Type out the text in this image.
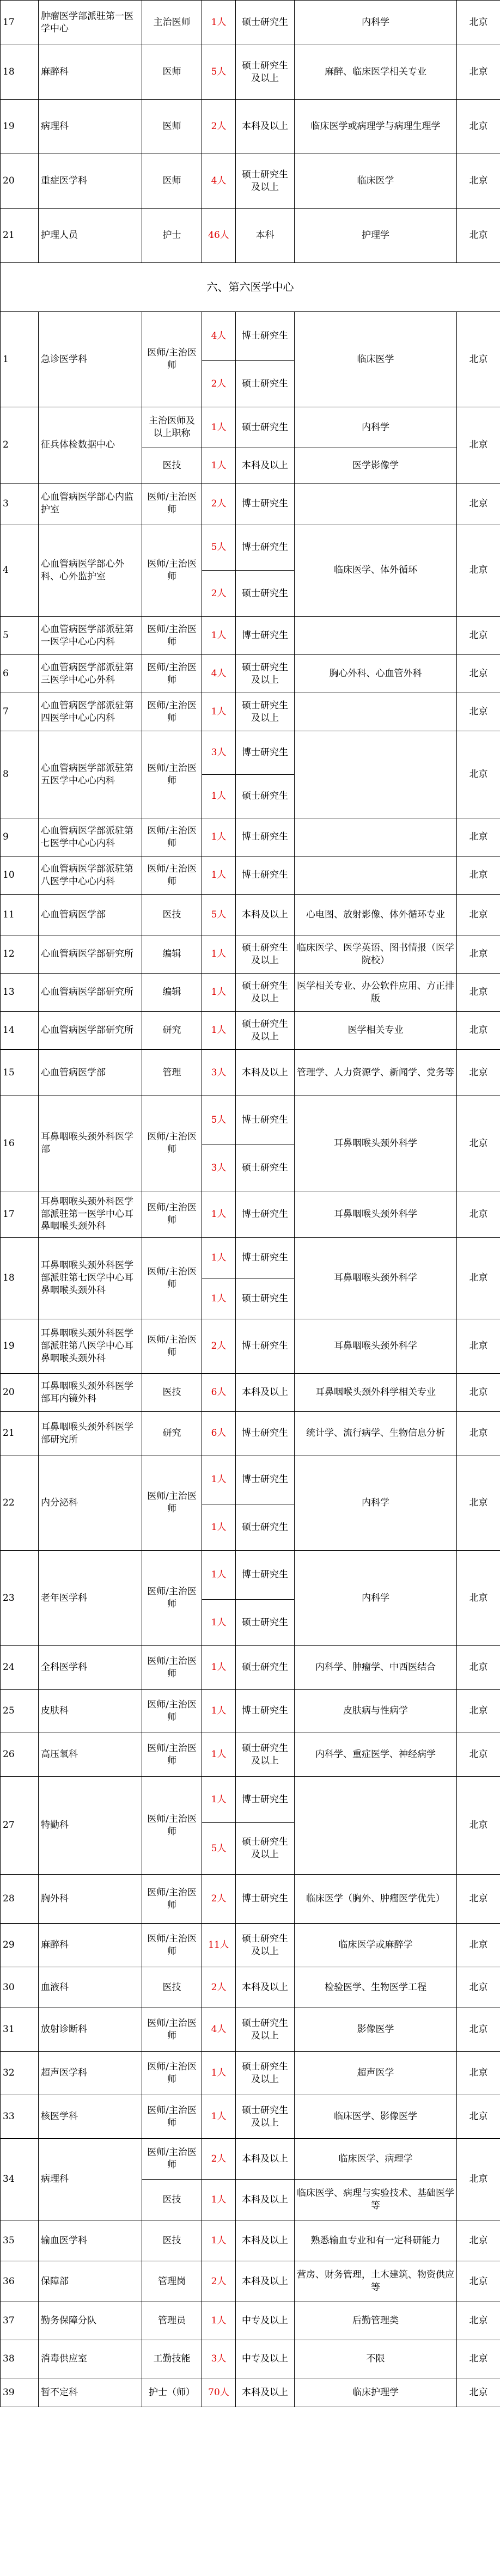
17	肿瘤医学部派驻第一医学中心	主治医师	1人	硕士研究生	内科学	北京
18	麻醉科	医师	5人	硕士研究生及以上	麻醉、临床医学相关专业	北京
19	病理科	医师	2人	本科及以上	临床医学或病理学与病理生理学	北京
20	重症医学科	医师	4人	硕士研究生及以上	临床医学	北京
21	护理人员	护士	46人	本科	护理学	北京
六、第六医学中心						
1	急诊医学科	医师/主治医师	4人	博士研究生	临床医学	北京
			2人	硕士研究生		
2	征兵体检数据中心	主治医师及以上职称	1人	硕士研究生	内科学	北京
		医技	1人	本科及以上	医学影像学	
3	心血管病医学部心内监护室	医师/主治医师	2人	博士研究生		北京
4	心血管病医学部心外科、心外监护室	医师/主治医师	5人	博士研究生	临床医学、体外循环	北京
			2人	硕士研究生		
5	心血管病医学部派驻第一医学中心心内科	医师/主治医师	1人	博士研究生		北京
6	心血管病医学部派驻第三医学中心心外科	医师/主治医师	4人	硕士研究生及以上	胸心外科、心血管外科	北京
7	心血管病医学部派驻第四医学中心心内科	医师/主治医师	1人	硕士研究生及以上		北京
8	心血管病医学部派驻第五医学中心心内科	医师/主治医师	3人	博士研究生		北京
			1人	硕士研究生		
9	心血管病医学部派驻第七医学中心心内科	医师/主治医师	1人	博士研究生		北京
10	心血管病医学部派驻第八医学中心心内科	医师/主治医师	1人	博士研究生		北京
11	心血管病医学部	医技	5人	本科及以上	心电图、放射影像、体外循环专业	北京
12	心血管病医学部研究所	编辑	1人	硕士研究生及以上	临床医学、医学英语、图书情报（医学院校）	北京
13	心血管病医学部研究所	编辑	1人	硕士研究生及以上	医学相关专业、办公软件应用、方正排版	北京
14	心血管病医学部研究所	研究	1人	硕士研究生及以上	医学相关专业	北京
15	心血管病医学部	管理	3人	本科及以上	管理学、人力资源学、新闻学、党务等	北京
16	耳鼻咽喉头颈外科医学部	医师/主治医师	5人	博士研究生	耳鼻咽喉头颈外科学	北京
			3人	硕士研究生		
17	耳鼻咽喉头颈外科医学部派驻第一医学中心耳鼻咽喉头颈外科	医师/主治医师	1人	博士研究生	耳鼻咽喉头颈外科学	北京
18	耳鼻咽喉头颈外科医学部派驻第七医学中心耳鼻咽喉头颈外科	医师/主治医师	1人	博士研究生	耳鼻咽喉头颈外科学	北京
			1人	硕士研究生		
19	耳鼻咽喉头颈外科医学部派驻第八医学中心耳鼻咽喉头颈外科	医师/主治医师	2人	博士研究生	耳鼻咽喉头颈外科学	北京
20	耳鼻咽喉头颈外科医学部耳内镜外科	医技	6人	本科及以上	耳鼻咽喉头颈外科学相关专业	北京
21	耳鼻咽喉头颈外科医学部研究所	研究	6人	博士研究生	统计学、流行病学、生物信息分析	北京
22	内分泌科	医师/主治医师	1人	博士研究生	内科学	北京
			1人	硕士研究生		
23	老年医学科	医师/主治医师	1人	博士研究生	内科学	北京
			1人	硕士研究生		
24	全科医学科	医师/主治医师	1人	硕士研究生	内科学、肿瘤学、中西医结合	北京
25	皮肤科	医师/主治医师	1人	博士研究生	皮肤病与性病学	北京
26	高压氧科	医师/主治医师	1人	硕士研究生及以上	内科学、重症医学、神经病学	北京
27	特勤科	医师/主治医师	1人	博士研究生		北京
			5人	硕士研究生及以上		
28	胸外科	医师/主治医师	2人	博士研究生	临床医学（胸外、肿瘤医学优先）	北京
29	麻醉科	医师/主治医师	11人	硕士研究生及以上	临床医学或麻醉学	北京
30	血液科	医技	2人	本科及以上	检验医学、生物医学工程	北京
31	放射诊断科	医师/主治医师	4人	硕士研究生及以上	影像医学	北京
32	超声医学科	医师/主治医师	1人	硕士研究生及以上	超声医学	北京
33	核医学科	医师/主治医师	1人	硕士研究生及以上	临床医学、影像医学	北京
34	病理科	医师/主治医师	2人	本科及以上	临床医学、病理学	北京
		医技	1人	本科及以上	临床医学、病理与实验技术、基础医学等	
35	输血医学科	医技	1人	本科及以上	熟悉输血专业和有一定科研能力	北京
36	保障部	管理岗	2人	本科及以上	营房、财务管理，土木建筑、物资供应等	北京
37	勤务保障分队	管理员	1人	中专及以上	后勤管理类	北京
38	消毒供应室	工勤技能	3人	中专及以上	不限	北京
39	暂不定科	护士（师）	70人	本科及以上	临床护理学	北京
